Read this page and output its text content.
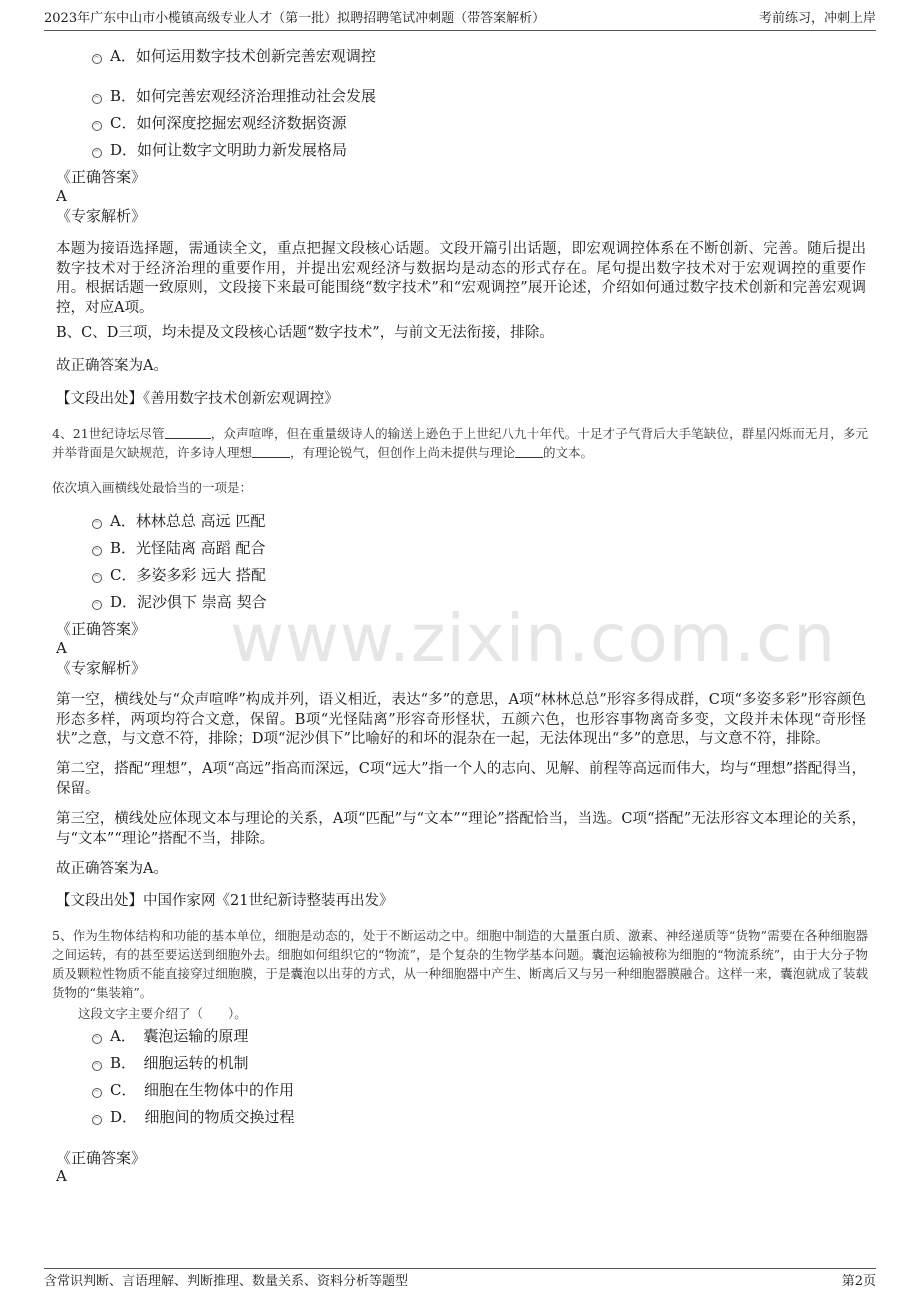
2023年广东中山市小榄镇高级专业人才（第一批）拟聘招聘笔试冲刺题（带答案解析）	考前练习，冲刺上岸
www.zixin.com.cn
A．如何运用数字技术创新完善宏观调控
B．如何完善宏观经济治理推动社会发展
C．如何深度挖掘宏观经济数据资源
D．如何让数字文明助力新发展格局
《正确答案》
A
《专家解析》
本题为接语选择题，需通读全文，重点把握文段核心话题。文段开篇引出话题，即宏观调控体系在不断创新、完善。随后提出数字技术对于经济治理的重要作用，并提出宏观经济与数据均是动态的形式存在。尾句提出数字技术对于宏观调控的重要作用。根据话题一致原则，文段接下来最可能围绕“数字技术”和“宏观调控”展开论述，介绍如何通过数字技术创新和完善宏观调控，对应A项。
B、C、D三项，均未提及文段核心话题“数字技术”，与前文无法衔接，排除。
故正确答案为A。
【文段出处】《善用数字技术创新宏观调控》
4、21世纪诗坛尽管	，众声喧哗，但在重量级诗人的输送上逊色于上世纪八九十年代。十足才子气背后大手笔缺位，群星闪烁而无月，多元并举背面是欠缺规范，许多诗人理想	，有理论锐气，但创作上尚未提供与理论 的文本。
依次填入画横线处最恰当的一项是：
A．林林总总 高远 匹配
B．光怪陆离 高蹈 配合
C．多姿多彩 远大 搭配
D．泥沙俱下 崇高 契合
《正确答案》
A
《专家解析》
第一空，横线处与“众声喧哗”构成并列，语义相近，表达“多”的意思，A项“林林总总”形容多得成群，C项“多姿多彩”形容颜色形态多样，两项均符合文意，保留。B项“光怪陆离”形容奇形怪状，五颜六色，也形容事物离奇多变，文段并未体现“奇形怪状”之意，与文意不符，排除；D项“泥沙俱下”比喻好的和坏的混杂在一起，无法体现出“多”的意思，与文意不符，排除。
第二空，搭配“理想”，A项“高远”指高而深远，C项“远大”指一个人的志向、见解、前程等高远而伟大，均与“理想”搭配得当，保留。
第三空，横线处应体现文本与理论的关系，A项“匹配”与“文本”“理论”搭配恰当，当选。C项“搭配”无法形容文本理论的关系，与“文本”“理论”搭配不当，排除。
故正确答案为A。
【文段出处】中国作家网《21世纪新诗整装再出发》
5、作为生物体结构和功能的基本单位，细胞是动态的，处于不断运动之中。细胞中制造的大量蛋白质、激素、神经递质等“货物”需要在各种细胞器之间运转，有的甚至要运送到细胞外去。细胞如何组织它的“物流”，是个复杂的生物学基本问题。囊泡运输被称为细胞的“物流系统”，由于大分子物质及颗粒性物质不能直接穿过细胞膜，于是囊泡以出芽的方式，从一种细胞器中产生、断离后又与另一种细胞器膜融合。这样一来，囊泡就成了装载货物的“集装箱”。
这段文字主要介绍了（　　）。
A．　囊泡运输的原理
B．　细胞运转的机制
C．　细胞在生物体中的作用
D．　细胞间的物质交换过程
《正确答案》
A
含常识判断、言语理解、判断推理、数量关系、资料分析等题型	第2页
